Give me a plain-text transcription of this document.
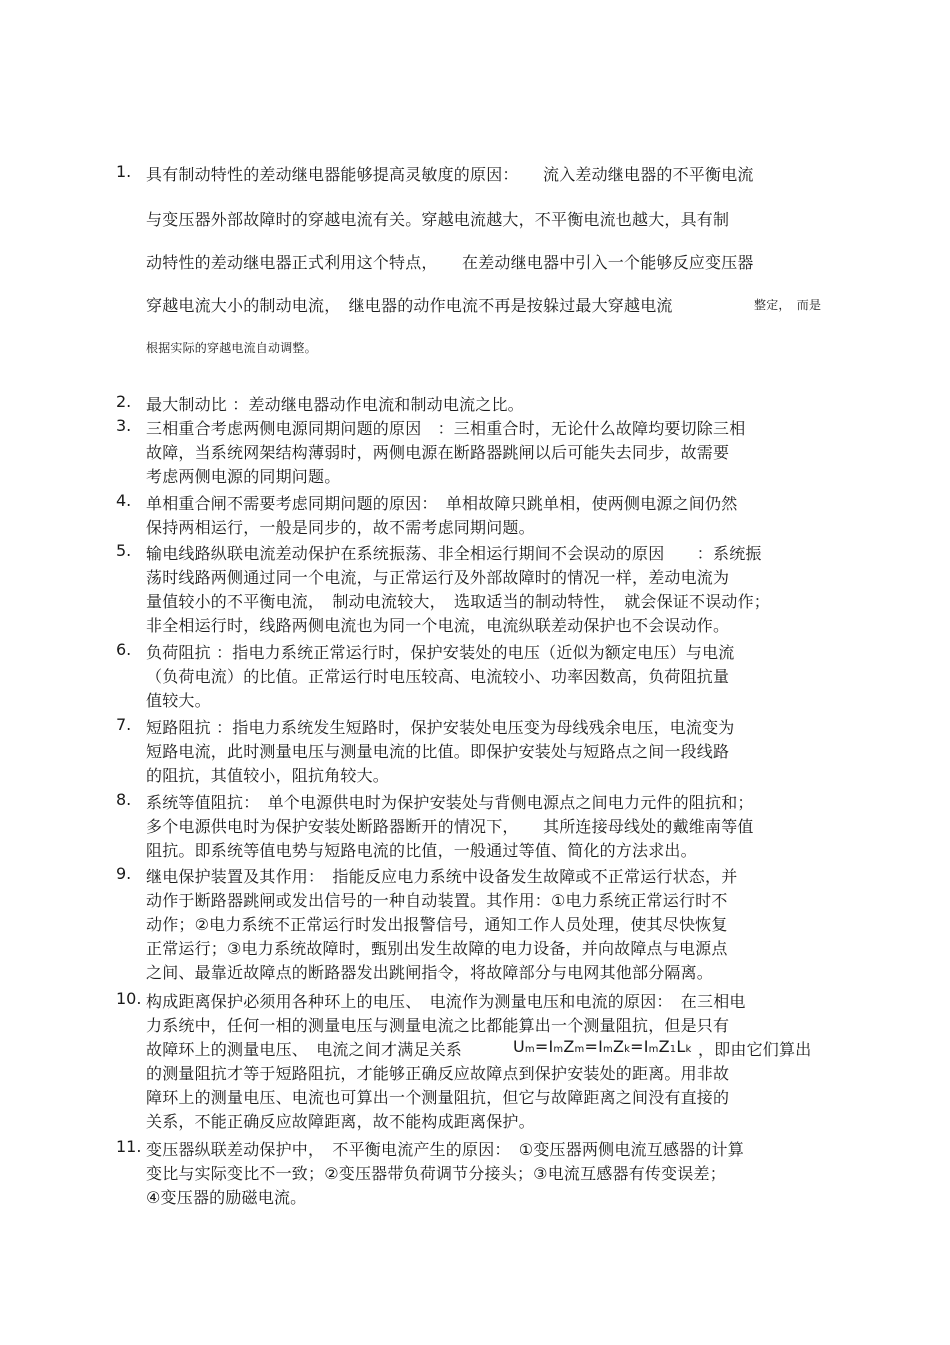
1. 具有制动特性的差动继电器能够提高灵敏度的原因：　　流入差动继电器的不平衡电流
与变压器外部故障时的穿越电流有关。穿越电流越大，不平衡电流也越大，具有制
动特性的差动继电器正式利用这个特点，　　在差动继电器中引入一个能够反应变压器
穿越电流大小的制动电流，　继电器的动作电流不再是按躲过最大穿越电流	整定，　而是
根据实际的穿越电流自动调整。
2. 最大制动比 ：差动继电器动作电流和制动电流之比。
3. 三相重合考虑两侧电源同期问题的原因　：三相重合时，无论什么故障均要切除三相
故障，当系统网架结构薄弱时，两侧电源在断路器跳闸以后可能失去同步，故需要
考虑两侧电源的同期问题。
4. 单相重合闸不需要考虑同期问题的原因：　单相故障只跳单相，使两侧电源之间仍然
保持两相运行，一般是同步的，故不需考虑同期问题。
5. 输电线路纵联电流差动保护在系统振荡、非全相运行期间不会误动的原因　　：系统振
荡时线路两侧通过同一个电流，与正常运行及外部故障时的情况一样，差动电流为
量值较小的不平衡电流，　制动电流较大，　选取适当的制动特性，　就会保证不误动作；
非全相运行时，线路两侧电流也为同一个电流，电流纵联差动保护也不会误动作。
6. 负荷阻抗 ：指电力系统正常运行时，保护安装处的电压（近似为额定电压）与电流
（负荷电流）的比值。正常运行时电压较高、电流较小、功率因数高，负荷阻抗量
值较大。
7. 短路阻抗 ：指电力系统发生短路时，保护安装处电压变为母线残余电压，电流变为
短路电流，此时测量电压与测量电流的比值。即保护安装处与短路点之间一段线路
的阻抗，其值较小，阻抗角较大。
8. 系统等值阻抗：　单个电源供电时为保护安装处与背侧电源点之间电力元件的阻抗和；
多个电源供电时为保护安装处断路器断开的情况下，　　其所连接母线处的戴维南等值
阻抗。即系统等值电势与短路电流的比值，一般通过等值、简化的方法求出。
9. 继电保护装置及其作用：　指能反应电力系统中设备发生故障或不正常运行状态，并
动作于断路器跳闸或发出信号的一种自动装置。其作用：①电力系统正常运行时不
动作；②电力系统不正常运行时发出报警信号，通知工作人员处理，使其尽快恢复
正常运行；③电力系统故障时，甄别出发生故障的电力设备，并向故障点与电源点
之间、最靠近故障点的断路器发出跳闸指令，将故障部分与电网其他部分隔离。
10. 构成距离保护必须用各种环上的电压、　电流作为测量电压和电流的原因：　在三相电
力系统中，任何一相的测量电压与测量电流之比都能算出一个测量阻抗，但是只有
故障环上的测量电压、　电流之间才满足关系　 Um=ImZm=ImZk=ImZ1Lk ，即由它们算出
的测量阻抗才等于短路阻抗，才能够正确反应故障点到保护安装处的距离。用非故
障环上的测量电压、电流也可算出一个测量阻抗，但它与故障距离之间没有直接的
关系，不能正确反应故障距离，故不能构成距离保护。
11. 变压器纵联差动保护中，　不平衡电流产生的原因：　①变压器两侧电流互感器的计算
变比与实际变比不一致；②变压器带负荷调节分接头；③电流互感器有传变误差；
④变压器的励磁电流。
